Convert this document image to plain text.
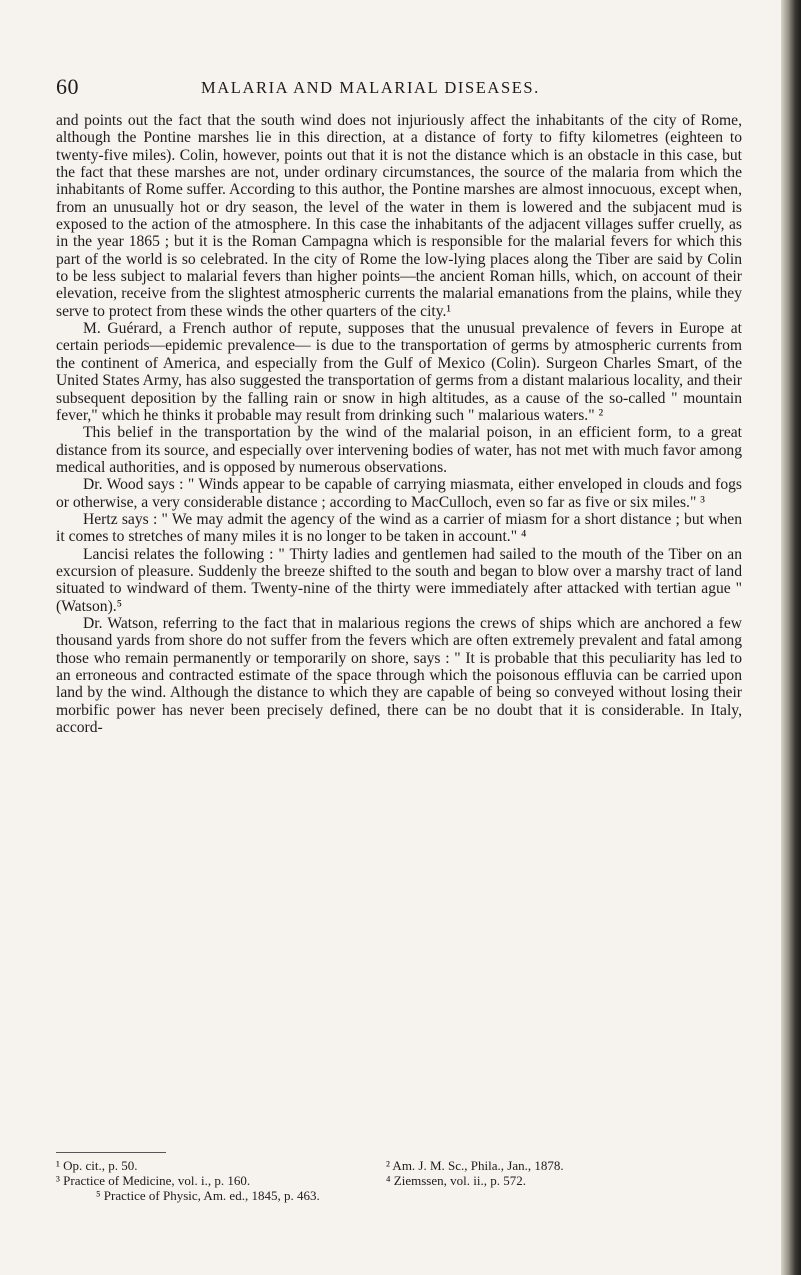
60	MALARIA AND MALARIAL DISEASES.

and points out the fact that the south wind does not injuriously affect the inhabitants of the city of Rome, although the Pontine marshes lie in this direction, at a distance of forty to fifty kilometres (eighteen to twenty-five miles). Colin, however, points out that it is not the distance which is an obstacle in this case, but the fact that these marshes are not, under ordinary circumstances, the source of the malaria from which the inhabitants of Rome suffer. According to this author, the Pontine marshes are almost innocuous, except when, from an unusually hot or dry season, the level of the water in them is lowered and the subjacent mud is exposed to the action of the atmosphere. In this case the inhabitants of the adjacent villages suffer cruelly, as in the year 1865 ; but it is the Roman Campagna which is responsible for the malarial fevers for which this part of the world is so celebrated. In the city of Rome the low-lying places along the Tiber are said by Colin to be less subject to malarial fevers than higher points—the ancient Roman hills, which, on account of their elevation, receive from the slightest atmospheric currents the malarial emanations from the plains, while they serve to protect from these winds the other quarters of the city.¹

M. Guérard, a French author of repute, supposes that the unusual prevalence of fevers in Europe at certain periods—epidemic prevalence— is due to the transportation of germs by atmospheric currents from the continent of America, and especially from the Gulf of Mexico (Colin). Surgeon Charles Smart, of the United States Army, has also suggested the transportation of germs from a distant malarious locality, and their subsequent deposition by the falling rain or snow in high altitudes, as a cause of the so-called " mountain fever," which he thinks it probable may result from drinking such " malarious waters." ²

This belief in the transportation by the wind of the malarial poison, in an efficient form, to a great distance from its source, and especially over intervening bodies of water, has not met with much favor among medical authorities, and is opposed by numerous observations.

Dr. Wood says : " Winds appear to be capable of carrying miasmata, either enveloped in clouds and fogs or otherwise, a very considerable distance ; according to MacCulloch, even so far as five or six miles." ³

Hertz says : " We may admit the agency of the wind as a carrier of miasm for a short distance ; but when it comes to stretches of many miles it is no longer to be taken in account." ⁴

Lancisi relates the following : " Thirty ladies and gentlemen had sailed to the mouth of the Tiber on an excursion of pleasure. Suddenly the breeze shifted to the south and began to blow over a marshy tract of land situated to windward of them. Twenty-nine of the thirty were immediately after attacked with tertian ague " (Watson).⁵

Dr. Watson, referring to the fact that in malarious regions the crews of ships which are anchored a few thousand yards from shore do not suffer from the fevers which are often extremely prevalent and fatal among those who remain permanently or temporarily on shore, says : " It is probable that this peculiarity has led to an erroneous and contracted estimate of the space through which the poisonous effluvia can be carried upon land by the wind. Although the distance to which they are capable of being so conveyed without losing their morbific power has never been precisely defined, there can be no doubt that it is considerable. In Italy, accord-

¹ Op. cit., p. 50.	² Am. J. M. Sc., Phila., Jan., 1878.
³ Practice of Medicine, vol. i., p. 160.	⁴ Ziemssen, vol. ii., p. 572.
⁵ Practice of Physic, Am. ed., 1845, p. 463.
